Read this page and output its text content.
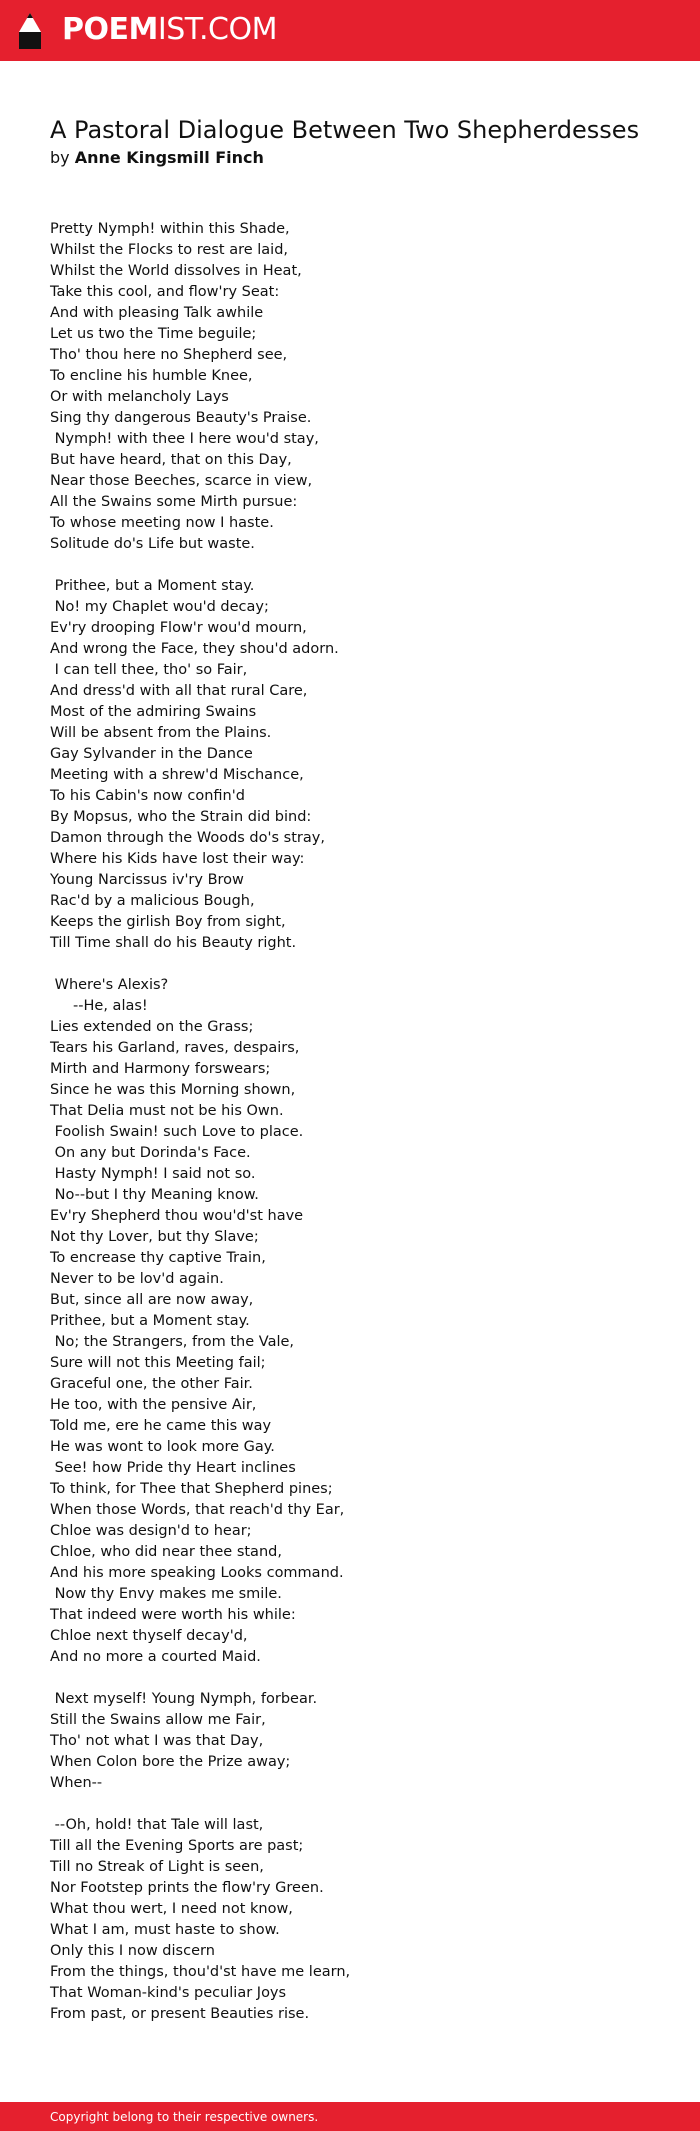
POEMIST.COM
A Pastoral Dialogue Between Two Shepherdesses
by Anne Kingsmill Finch
Pretty Nymph! within this Shade,
Whilst the Flocks to rest are laid,
Whilst the World dissolves in Heat,
Take this cool, and flow'ry Seat:
And with pleasing Talk awhile
Let us two the Time beguile;
Tho' thou here no Shepherd see,
To encline his humble Knee,
Or with melancholy Lays
Sing thy dangerous Beauty's Praise.
Nymph! with thee I here wou'd stay,
But have heard, that on this Day,
Near those Beeches, scarce in view,
All the Swains some Mirth pursue:
To whose meeting now I haste.
Solitude do's Life but waste.

Prithee, but a Moment stay.
No! my Chaplet wou'd decay;
Ev'ry drooping Flow'r wou'd mourn,
And wrong the Face, they shou'd adorn.
I can tell thee, tho' so Fair,
And dress'd with all that rural Care,
Most of the admiring Swains
Will be absent from the Plains.
Gay Sylvander in the Dance
Meeting with a shrew'd Mischance,
To his Cabin's now confin'd
By Mopsus, who the Strain did bind:
Damon through the Woods do's stray,
Where his Kids have lost their way:
Young Narcissus iv'ry Brow
Rac'd by a malicious Bough,
Keeps the girlish Boy from sight,
Till Time shall do his Beauty right.

Where's Alexis?
--He, alas!
Lies extended on the Grass;
Tears his Garland, raves, despairs,
Mirth and Harmony forswears;
Since he was this Morning shown,
That Delia must not be his Own.
Foolish Swain! such Love to place.
On any but Dorinda's Face.
Hasty Nymph! I said not so.
No--but I thy Meaning know.
Ev'ry Shepherd thou wou'd'st have
Not thy Lover, but thy Slave;
To encrease thy captive Train,
Never to be lov'd again.
But, since all are now away,
Prithee, but a Moment stay.
No; the Strangers, from the Vale,
Sure will not this Meeting fail;
Graceful one, the other Fair.
He too, with the pensive Air,
Told me, ere he came this way
He was wont to look more Gay.
See! how Pride thy Heart inclines
To think, for Thee that Shepherd pines;
When those Words, that reach'd thy Ear,
Chloe was design'd to hear;
Chloe, who did near thee stand,
And his more speaking Looks command.
Now thy Envy makes me smile.
That indeed were worth his while:
Chloe next thyself decay'd,
And no more a courted Maid.

Next myself! Young Nymph, forbear.
Still the Swains allow me Fair,
Tho' not what I was that Day,
When Colon bore the Prize away;
When--

--Oh, hold! that Tale will last,
Till all the Evening Sports are past;
Till no Streak of Light is seen,
Nor Footstep prints the flow'ry Green.
What thou wert, I need not know,
What I am, must haste to show.
Only this I now discern
From the things, thou'd'st have me learn,
That Woman-kind's peculiar Joys
From past, or present Beauties rise.
Copyright belong to their respective owners.
